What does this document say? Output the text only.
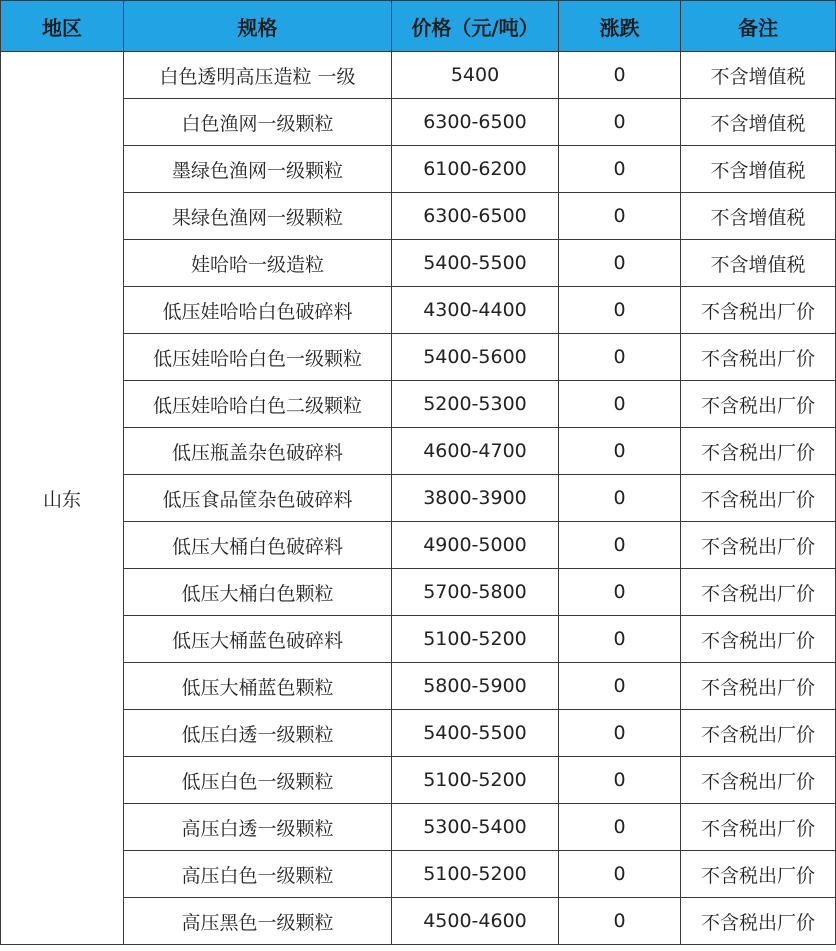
地区	规格	价格（元/吨）	涨跌	备注
山东	白色透明高压造粒 一级	5400	0	不含增值税
	白色渔网一级颗粒	6300-6500	0	不含增值税
	墨绿色渔网一级颗粒	6100-6200	0	不含增值税
	果绿色渔网一级颗粒	6300-6500	0	不含增值税
	娃哈哈一级造粒	5400-5500	0	不含增值税
	低压娃哈哈白色破碎料	4300-4400	0	不含税出厂价
	低压娃哈哈白色一级颗粒	5400-5600	0	不含税出厂价
	低压娃哈哈白色二级颗粒	5200-5300	0	不含税出厂价
	低压瓶盖杂色破碎料	4600-4700	0	不含税出厂价
	低压食品筐杂色破碎料	3800-3900	0	不含税出厂价
	低压大桶白色破碎料	4900-5000	0	不含税出厂价
	低压大桶白色颗粒	5700-5800	0	不含税出厂价
	低压大桶蓝色破碎料	5100-5200	0	不含税出厂价
	低压大桶蓝色颗粒	5800-5900	0	不含税出厂价
	低压白透一级颗粒	5400-5500	0	不含税出厂价
	低压白色一级颗粒	5100-5200	0	不含税出厂价
	高压白透一级颗粒	5300-5400	0	不含税出厂价
	高压白色一级颗粒	5100-5200	0	不含税出厂价
	高压黑色一级颗粒	4500-4600	0	不含税出厂价
